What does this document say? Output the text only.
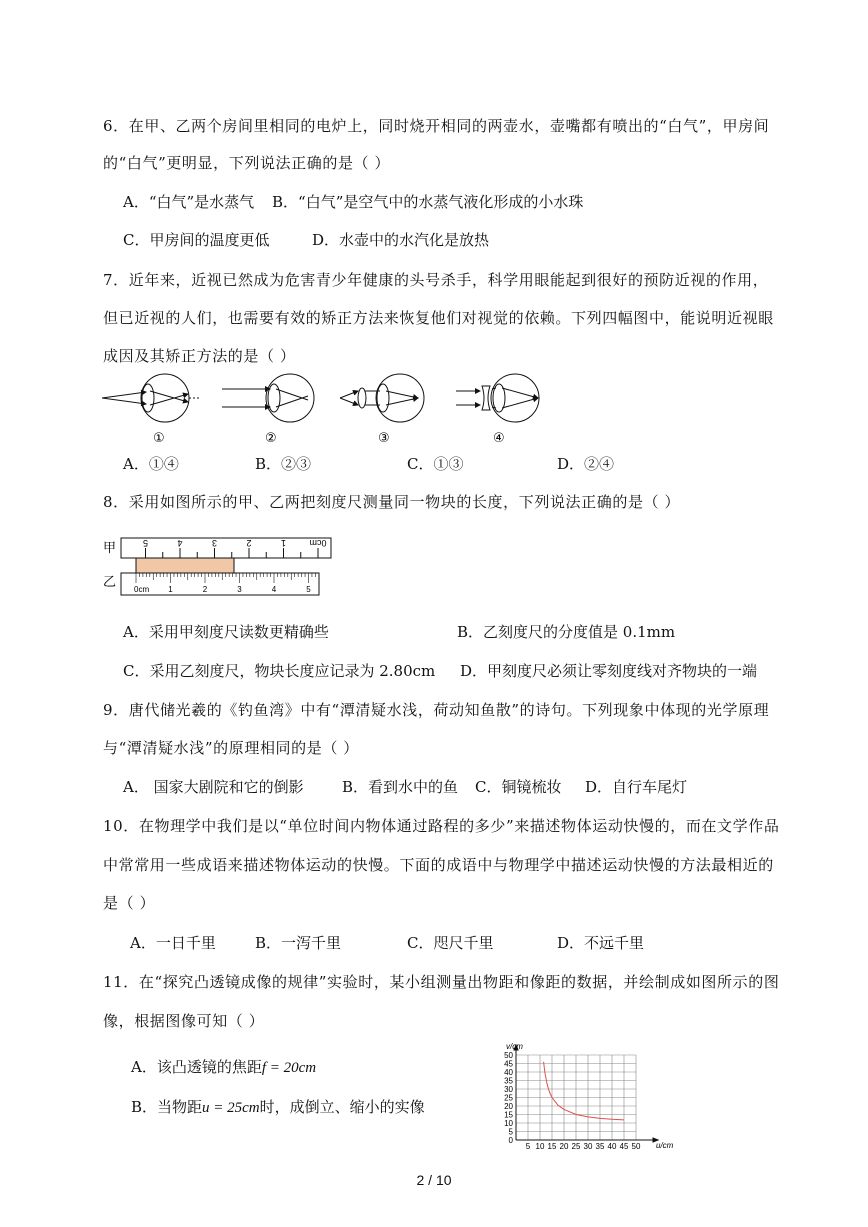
6．在甲、乙两个房间里相同的电炉上，同时烧开相同的两壶水，壶嘴都有喷出的“白气”，甲房间
的“白气”更明显，下列说法正确的是（ ）
A．“白气”是水蒸气 B．“白气”是空气中的水蒸气液化形成的小水珠
C．甲房间的温度更低	D．水壶中的水汽化是放热
7．近年来，近视已然成为危害青少年健康的头号杀手，科学用眼能起到很好的预防近视的作用，
但已近视的人们，也需要有效的矫正方法来恢复他们对视觉的依赖。下列四幅图中，能说明近视眼
成因及其矫正方法的是（ ）
①	②	③	④
A．①④	B．②③	C．①③	D．②④
8．采用如图所示的甲、乙两把刻度尺测量同一物块的长度，下列说法正确的是（ ）
甲
乙
5	4	3	2	1	0cm
0cm 1	2	3	4	5
A．采用甲刻度尺读数更精确些	B．乙刻度尺的分度值是 0.1mm
C．采用乙刻度尺，物块长度应记录为 2.80cm D．甲刻度尺必须让零刻度线对齐物块的一端
9．唐代储光羲的《钓鱼湾》中有“潭清疑水浅，荷动知鱼散”的诗句。下列现象中体现的光学原理
与“潭清疑水浅”的原理相同的是（ ）
A． 国家大剧院和它的倒影	B．看到水中的鱼 C．铜镜梳妆 D．自行车尾灯
10．在物理学中我们是以“单位时间内物体通过路程的多少”来描述物体运动快慢的，而在文学作品
中常常用一些成语来描述物体运动的快慢。下面的成语中与物理学中描述运动快慢的方法最相近的
是（ ）
A．一日千里	B．一泻千里	C．咫尺千里	D．不远千里
11．在“探究凸透镜成像的规律”实验时，某小组测量出物距和像距的数据，并绘制成如图所示的图
像，根据图像可知（ ）
A．该凸透镜的焦距f = 20cm
B．当物距u = 25cm时，成倒立、缩小的实像
0
5
10
15
20
25
30
35
40
45
50
5 10 15 20 25 30 35 40 45 50
v/cm
u/cm
2 / 10
